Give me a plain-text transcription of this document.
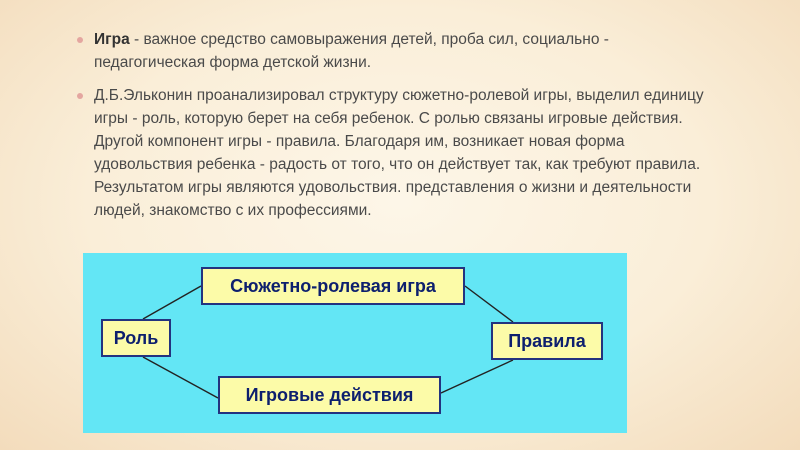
Игра - важное средство самовыражения детей, проба сил, социально - педагогическая форма детской жизни.

Д.Б.Эльконин проанализировал структуру сюжетно-ролевой игры, выделил единицу игры - роль, которую берет на себя ребенок. С ролью связаны игровые действия. Другой компонент игры - правила. Благодаря им, возникает новая форма удовольствия ребенка - радость от того, что он действует так, как требуют правила. Результатом игры являются удовольствия. представления о жизни и деятельности людей, знакомство с их профессиями.

Сюжетно-ролевая игра
Роль	Правила
Игровые действия
